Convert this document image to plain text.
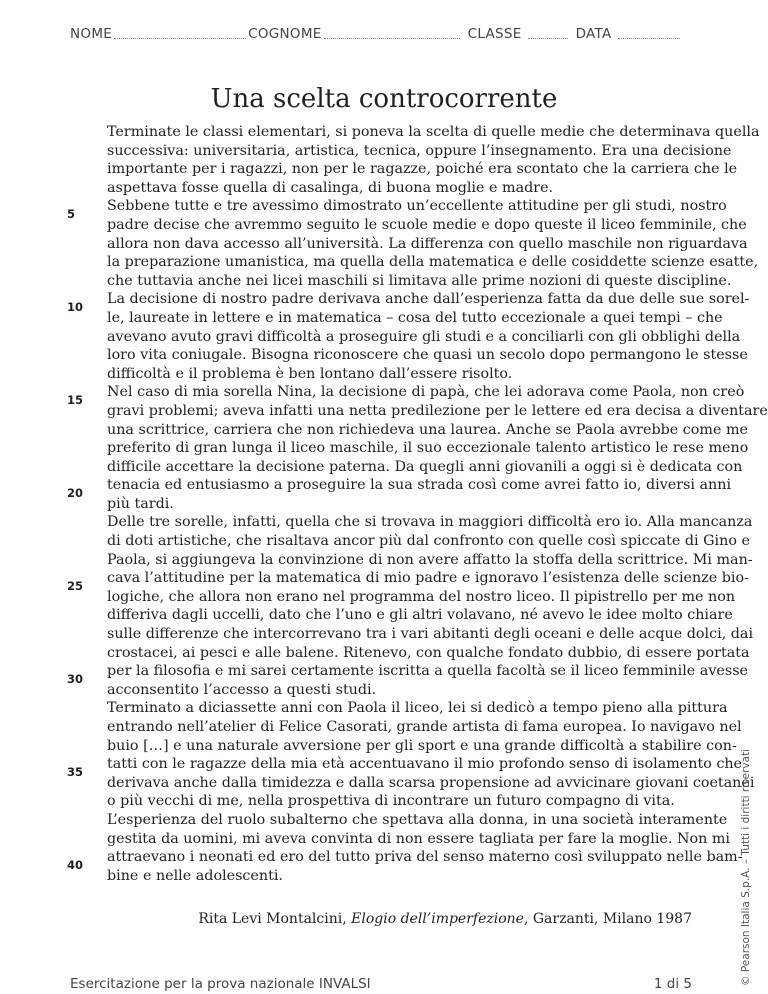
NOME	COGNOME	CLASSE	DATA
Una scelta controcorrente
Terminate le classi elementari, si poneva la scelta di quelle medie che determinava quella
successiva: universitaria, artistica, tecnica, oppure l’insegnamento. Era una decisione
importante per i ragazzi, non per le ragazze, poiché era scontato che la carriera che le
aspettava fosse quella di casalinga, di buona moglie e madre.
Sebbene tutte e tre avessimo dimostrato un’eccellente attitudine per gli studi, nostro
padre decise che avremmo seguito le scuole medie e dopo queste il liceo femminile, che
allora non dava accesso all’università. La differenza con quello maschile non riguardava
la preparazione umanistica, ma quella della matematica e delle cosiddette scienze esatte,
che tuttavia anche nei licei maschili si limitava alle prime nozioni di queste discipline.
La decisione di nostro padre derivava anche dall’esperienza fatta da due delle sue sorel-
le, laureate in lettere e in matematica – cosa del tutto eccezionale a quei tempi – che
avevano avuto gravi difficoltà a proseguire gli studi e a conciliarli con gli obblighi della
loro vita coniugale. Bisogna riconoscere che quasi un secolo dopo permangono le stesse
difficoltà e il problema è ben lontano dall’essere risolto.
Nel caso di mia sorella Nina, la decisione di papà, che lei adorava come Paola, non creò
gravi problemi; aveva infatti una netta predilezione per le lettere ed era decisa a diventare
una scrittrice, carriera che non richiedeva una laurea. Anche se Paola avrebbe come me
preferito di gran lunga il liceo maschile, il suo eccezionale talento artistico le rese meno
difficile accettare la decisione paterna. Da quegli anni giovanili a oggi si è dedicata con
tenacia ed entusiasmo a proseguire la sua strada così come avrei fatto io, diversi anni
più tardi.
Delle tre sorelle, infatti, quella che si trovava in maggiori difficoltà ero io. Alla mancanza
di doti artistiche, che risaltava ancor più dal confronto con quelle così spiccate di Gino e
Paola, si aggiungeva la convinzione di non avere affatto la stoffa della scrittrice. Mi man-
cava l’attitudine per la matematica di mio padre e ignoravo l’esistenza delle scienze bio-
logiche, che allora non erano nel programma del nostro liceo. Il pipistrello per me non
differiva dagli uccelli, dato che l’uno e gli altri volavano, né avevo le idee molto chiare
sulle differenze che intercorrevano tra i vari abitanti degli oceani e delle acque dolci, dai
crostacei, ai pesci e alle balene. Ritenevo, con qualche fondato dubbio, di essere portata
per la filosofia e mi sarei certamente iscritta a quella facoltà se il liceo femminile avesse
acconsentito l’accesso a questi studi.
Terminato a diciassette anni con Paola il liceo, lei si dedicò a tempo pieno alla pittura
entrando nell’atelier di Felice Casorati, grande artista di fama europea. Io navigavo nel
buio […] e una naturale avversione per gli sport e una grande difficoltà a stabilire con-
tatti con le ragazze della mia età accentuavano il mio profondo senso di isolamento che
derivava anche dalla timidezza e dalla scarsa propensione ad avvicinare giovani coetanei
o più vecchi di me, nella prospettiva di incontrare un futuro compagno di vita.
L’esperienza del ruolo subalterno che spettava alla donna, in una società interamente
gestita da uomini, mi aveva convinta di non essere tagliata per fare la moglie. Non mi
attraevano i neonati ed ero del tutto priva del senso materno così sviluppato nelle bam-
bine e nelle adolescenti.
5
10
15
20
25
30
35
40
Rita Levi Montalcini, Elogio dell’imperfezione, Garzanti, Milano 1987
Esercitazione per la prova nazionale INVALSI	1 di 5	© Pearson Italia S.p.A. – Tutti i diritti riservati
